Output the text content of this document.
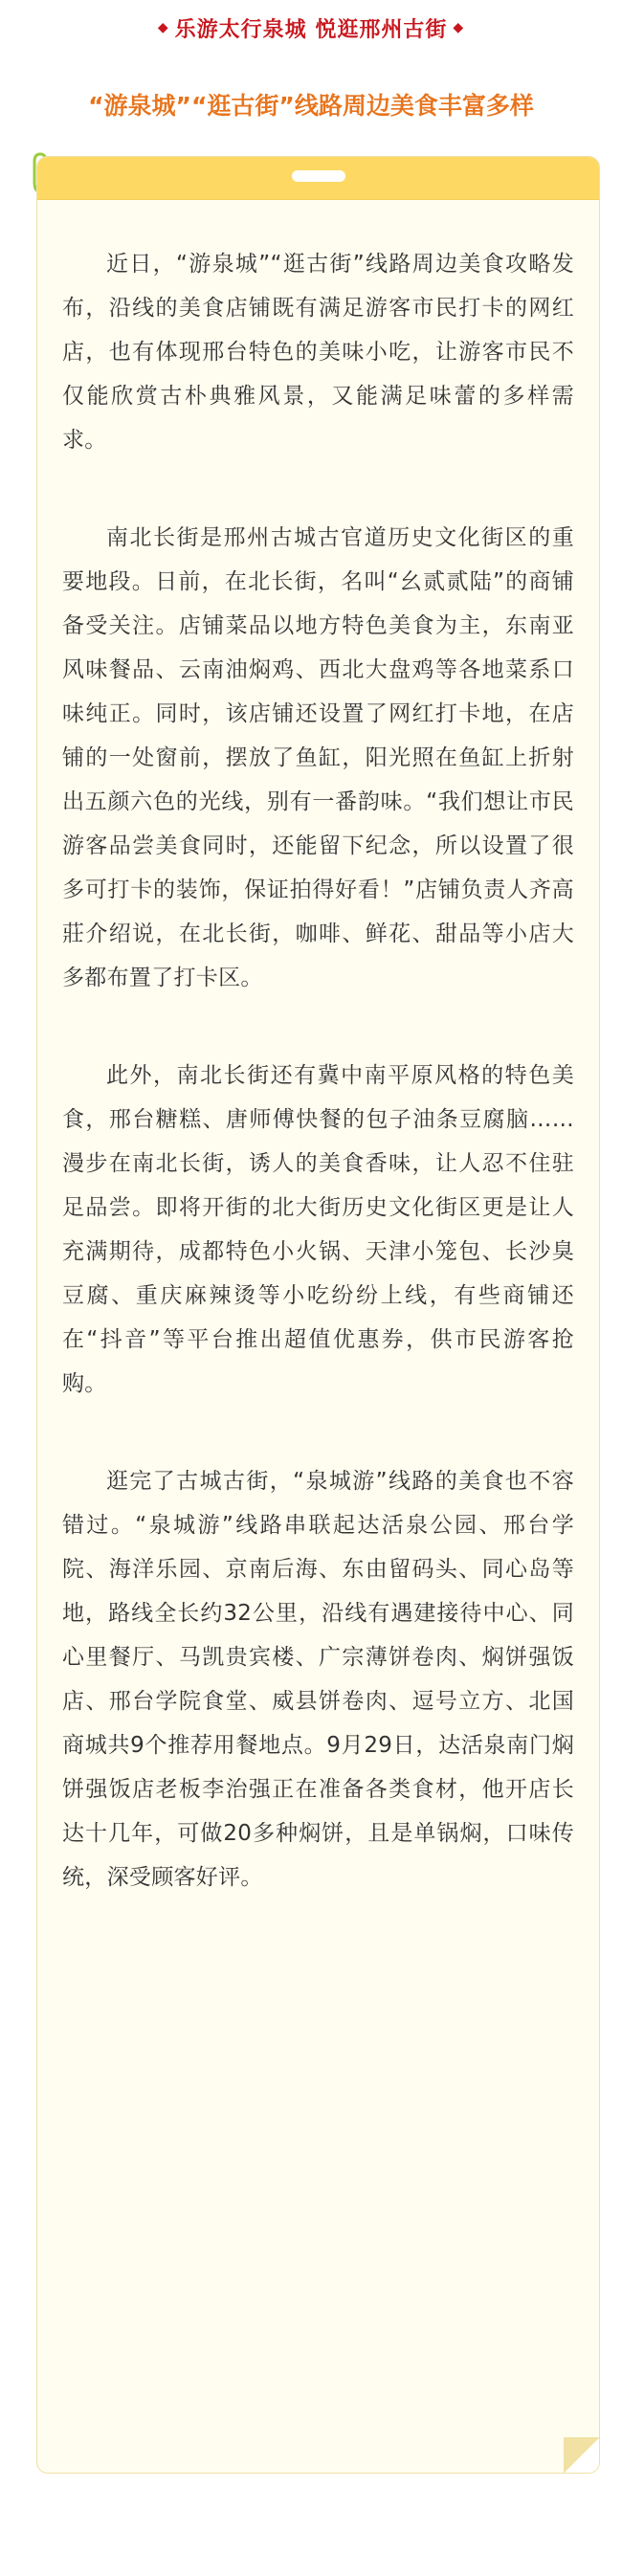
◆ 乐游太行泉城 悦逛邢州古街 ◆
“游泉城”“逛古街”线路周边美食丰富多样

近日，“游泉城”“逛古街”线路周边美食攻略发布，沿线的美食店铺既有满足游客市民打卡的网红店，也有体现邢台特色的美味小吃，让游客市民不仅能欣赏古朴典雅风景，又能满足味蕾的多样需求。

南北长街是邢州古城古官道历史文化街区的重要地段。日前，在北长街，名叫“幺贰贰陆”的商铺备受关注。店铺菜品以地方特色美食为主，东南亚风味餐品、云南油焖鸡、西北大盘鸡等各地菜系口味纯正。同时，该店铺还设置了网红打卡地，在店铺的一处窗前，摆放了鱼缸，阳光照在鱼缸上折射出五颜六色的光线，别有一番韵味。“我们想让市民游客品尝美食同时，还能留下纪念，所以设置了很多可打卡的装饰，保证拍得好看！”店铺负责人齐高莊介绍说，在北长街，咖啡、鲜花、甜品等小店大多都布置了打卡区。

此外，南北长街还有冀中南平原风格的特色美食，邢台糖糕、唐师傅快餐的包子油条豆腐脑……漫步在南北长街，诱人的美食香味，让人忍不住驻足品尝。即将开街的北大街历史文化街区更是让人充满期待，成都特色小火锅、天津小笼包、长沙臭豆腐、重庆麻辣烫等小吃纷纷上线，有些商铺还在“抖音”等平台推出超值优惠券，供市民游客抢购。

逛完了古城古街，“泉城游”线路的美食也不容错过。“泉城游”线路串联起达活泉公园、邢台学院、海洋乐园、京南后海、东由留码头、同心岛等地，路线全长约32公里，沿线有遇建接待中心、同心里餐厅、马凯贵宾楼、广宗薄饼卷肉、焖饼强饭店、邢台学院食堂、威县饼卷肉、逗号立方、北国商城共9个推荐用餐地点。9月29日，达活泉南门焖饼强饭店老板李治强正在准备各类食材，他开店长达十几年，可做20多种焖饼，且是单锅焖，口味传统，深受顾客好评。
